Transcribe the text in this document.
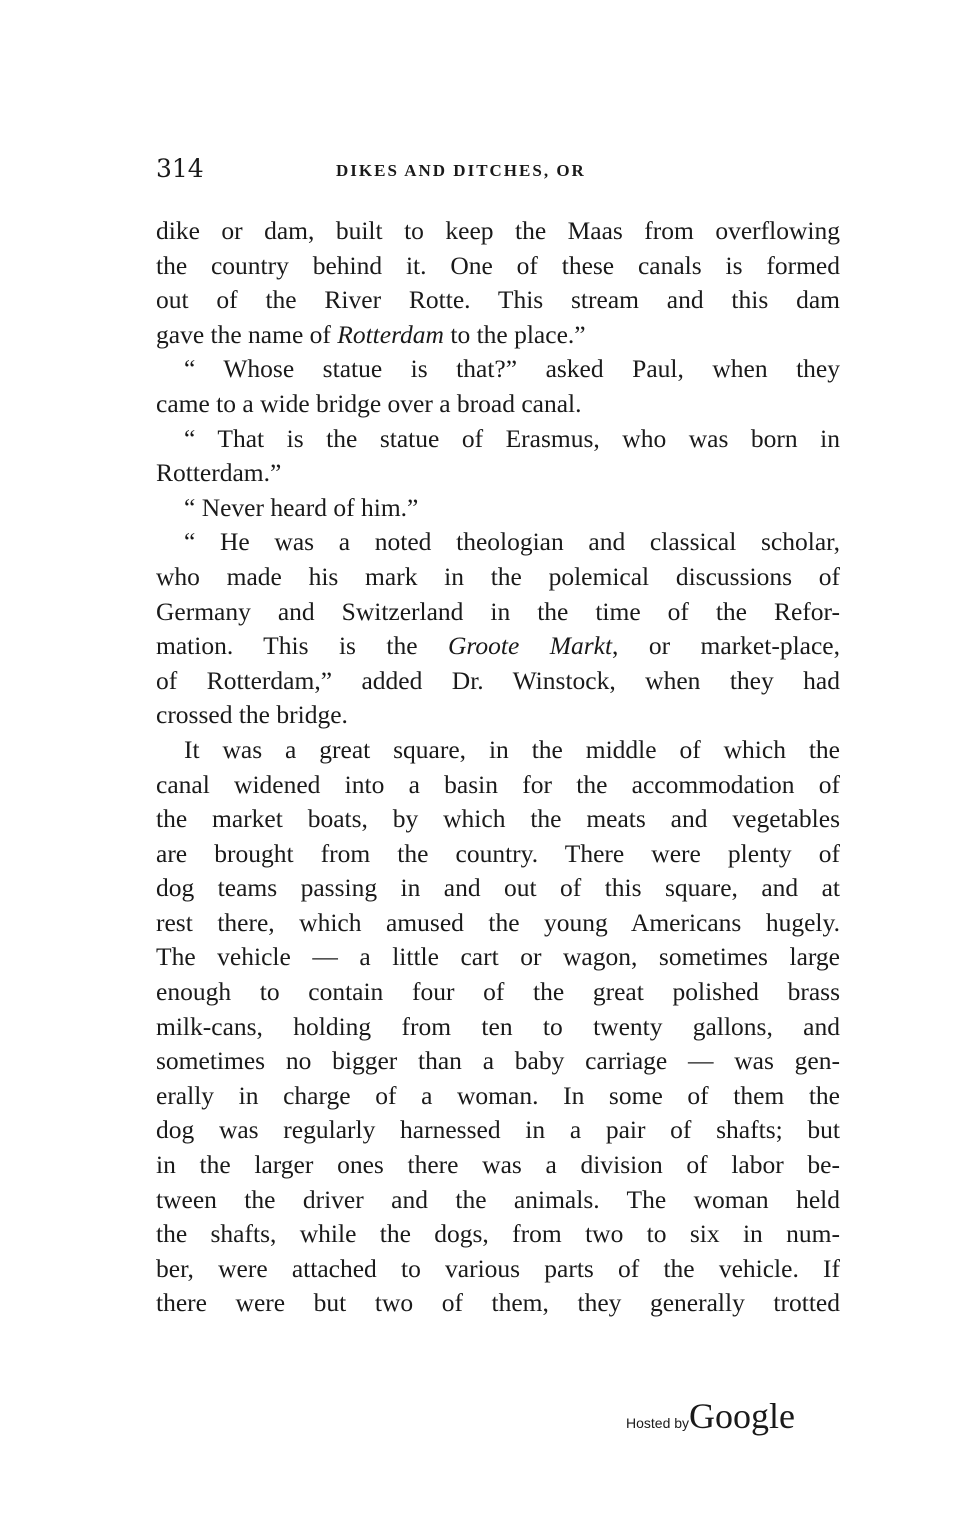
314	DIKES AND DITCHES, OR
dike or dam, built to keep the Maas from overflowing
the country behind it. One of these canals is formed
out of the River Rotte. This stream and this dam
gave the name of Rotterdam to the place.”
“ Whose statue is that?” asked Paul, when they
came to a wide bridge over a broad canal.
“ That is the statue of Erasmus, who was born in
Rotterdam.”
“ Never heard of him.”
“ He was a noted theologian and classical scholar,
who made his mark in the polemical discussions of
Germany and Switzerland in the time of the Refor-
mation. This is the Groote Markt, or market-place,
of Rotterdam,” added Dr. Winstock, when they had
crossed the bridge.
It was a great square, in the middle of which the
canal widened into a basin for the accommodation of
the market boats, by which the meats and vegetables
are brought from the country. There were plenty of
dog teams passing in and out of this square, and at
rest there, which amused the young Americans hugely.
The vehicle — a little cart or wagon, sometimes large
enough to contain four of the great polished brass
milk-cans, holding from ten to twenty gallons, and
sometimes no bigger than a baby carriage — was gen-
erally in charge of a woman. In some of them the
dog was regularly harnessed in a pair of shafts; but
in the larger ones there was a division of labor be-
tween the driver and the animals. The woman held
the shafts, while the dogs, from two to six in num-
ber, were attached to various parts of the vehicle. If
there were but two of them, they generally trotted
Hosted byGoogle
